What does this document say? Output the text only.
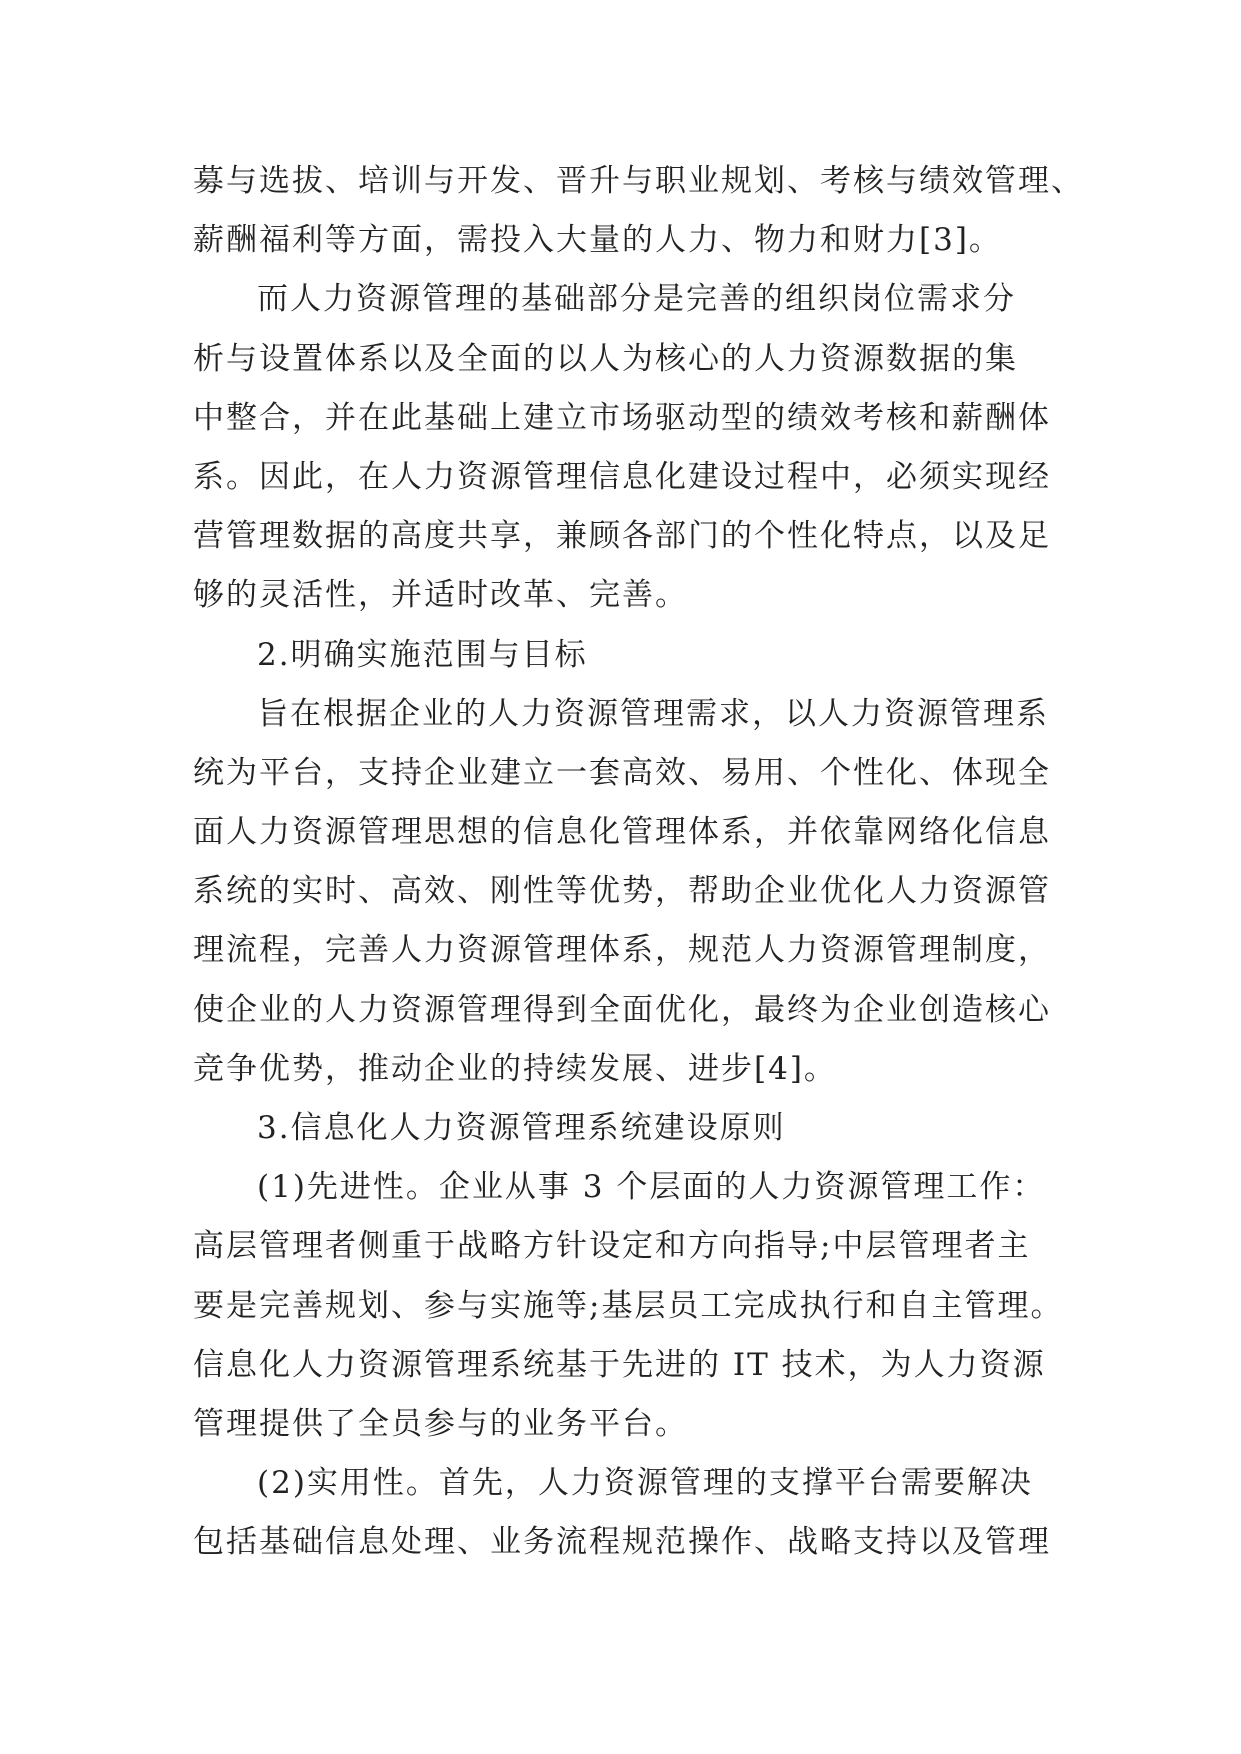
募与选拔、培训与开发、晋升与职业规划、考核与绩效管理、
薪酬福利等方面，需投入大量的人力、物力和财力[3]。
而人力资源管理的基础部分是完善的组织岗位需求分
析与设置体系以及全面的以人为核心的人力资源数据的集
中整合，并在此基础上建立市场驱动型的绩效考核和薪酬体
系。因此，在人力资源管理信息化建设过程中，必须实现经
营管理数据的高度共享，兼顾各部门的个性化特点，以及足
够的灵活性，并适时改革、完善。
2.明确实施范围与目标
旨在根据企业的人力资源管理需求，以人力资源管理系
统为平台，支持企业建立一套高效、易用、个性化、体现全
面人力资源管理思想的信息化管理体系，并依靠网络化信息
系统的实时、高效、刚性等优势，帮助企业优化人力资源管
理流程，完善人力资源管理体系，规范人力资源管理制度，
使企业的人力资源管理得到全面优化，最终为企业创造核心
竞争优势，推动企业的持续发展、进步[4]。
3.信息化人力资源管理系统建设原则
(1)先进性。企业从事 3 个层面的人力资源管理工作：
高层管理者侧重于战略方针设定和方向指导;中层管理者主
要是完善规划、参与实施等;基层员工完成执行和自主管理。
信息化人力资源管理系统基于先进的 IT 技术，为人力资源
管理提供了全员参与的业务平台。
(2)实用性。首先，人力资源管理的支撑平台需要解决
包括基础信息处理、业务流程规范操作、战略支持以及管理
